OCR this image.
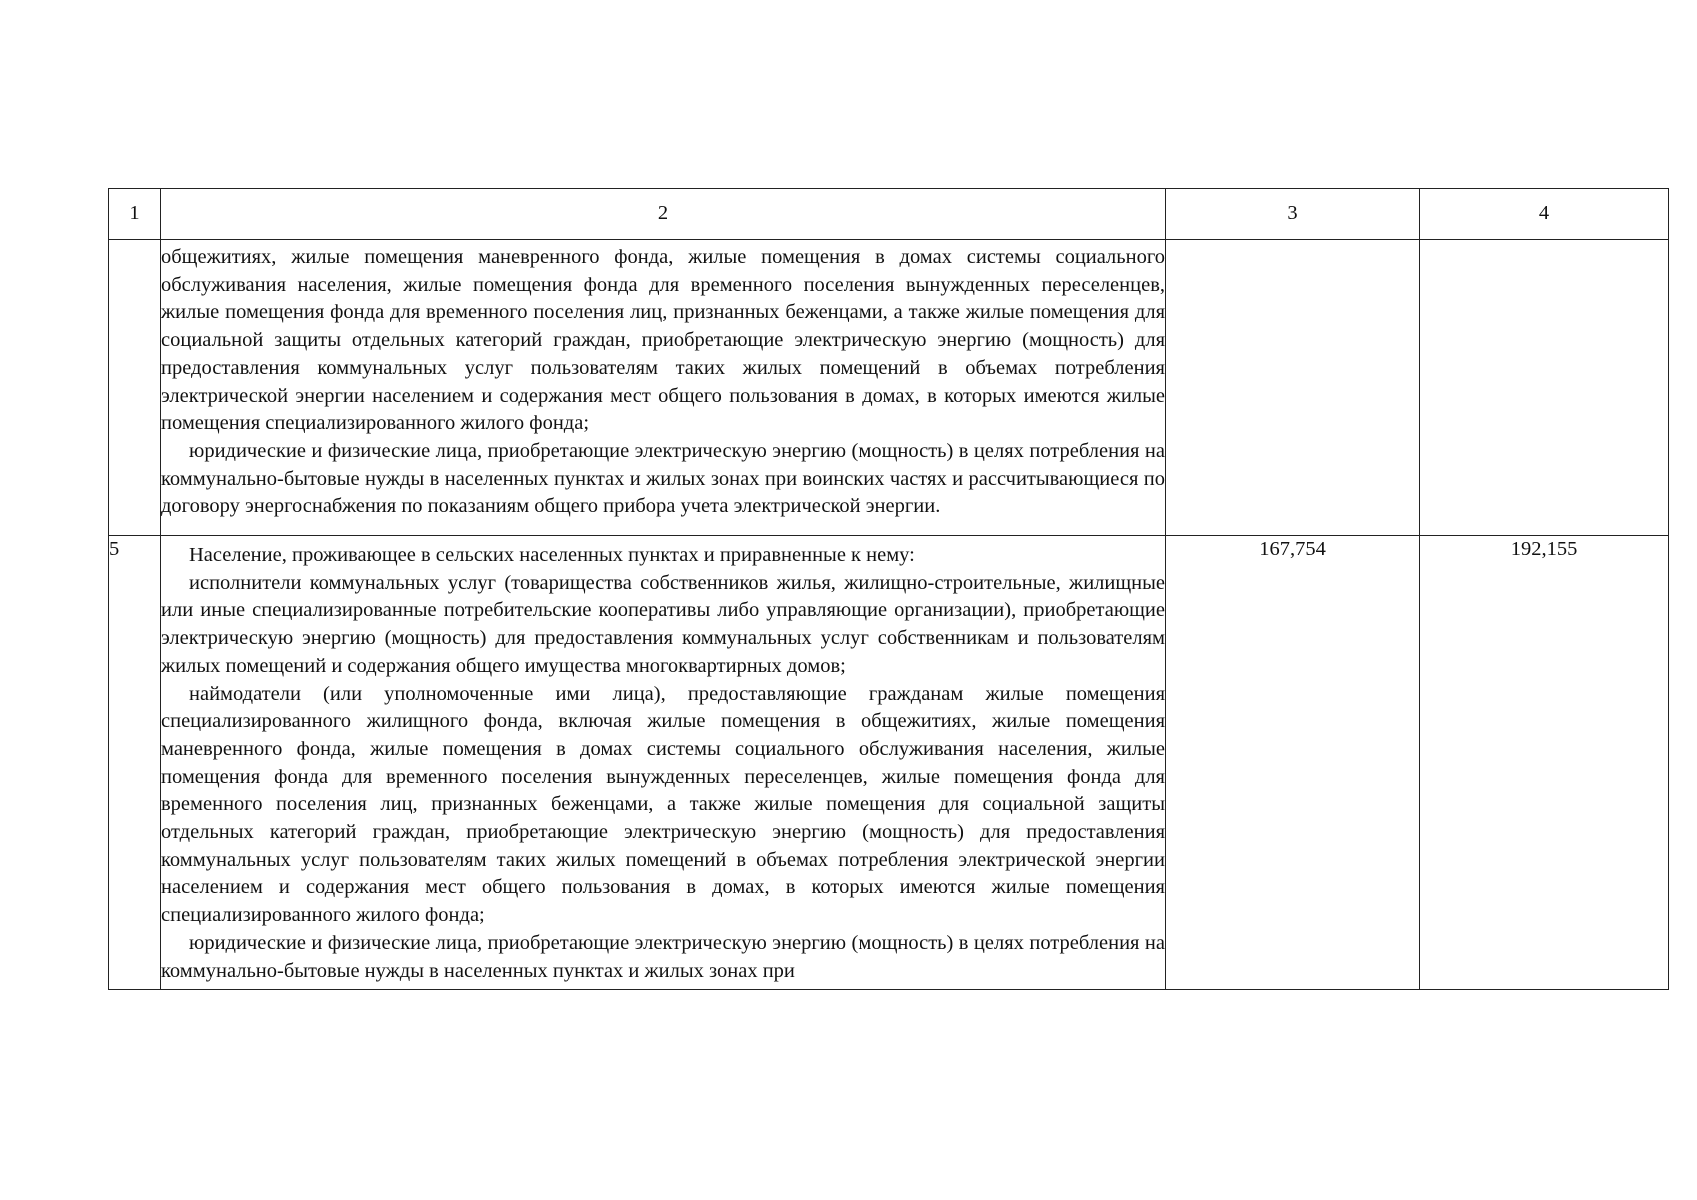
1	2	3	4

	общежитиях, жилые помещения маневренного фонда, жилые помещения в домах системы социального обслуживания населения, жилые помещения фонда для временного поселения вынужденных переселенцев, жилые помещения фонда для временного поселения лиц, признанных беженцами, а также жилые помещения для социальной защиты отдельных категорий граждан, приобретающие электрическую энергию (мощность) для предоставления коммунальных услуг пользователям таких жилых помещений в объемах потребления электрической энергии населением и содержания мест общего пользования в домах, в которых имеются жилые помещения специализированного жилого фонда;

юридические и физические лица, приобретающие электрическую энергию (мощность) в целях потребления на коммунально-бытовые нужды в населенных пунктах и жилых зонах при воинских частях и рассчитывающиеся по договору энергоснабжения по показаниям общего прибора учета электрической энергии.		

5	Население, проживающее в сельских населенных пунктах и приравненные к нему:

исполнители коммунальных услуг (товарищества собственников жилья, жилищно-строительные, жилищные или иные специализированные потребительские кооперативы либо управляющие организации), приобретающие электрическую энергию (мощность) для предоставления коммунальных услуг собственникам и пользователям жилых помещений и содержания общего имущества многоквартирных домов;

наймодатели (или уполномоченные ими лица), предоставляющие гражданам жилые помещения специализированного жилищного фонда, включая жилые помещения в общежитиях, жилые помещения маневренного фонда, жилые помещения в домах системы социального обслуживания населения, жилые помещения фонда для временного поселения вынужденных переселенцев, жилые помещения фонда для временного поселения лиц, признанных беженцами, а также жилые помещения для социальной защиты отдельных категорий граждан, приобретающие электрическую энергию (мощность) для предоставления коммунальных услуг пользователям таких жилых помещений в объемах потребления электрической энергии населением и содержания мест общего пользования в домах, в которых имеются жилые помещения специализированного жилого фонда;

юридические и физические лица, приобретающие электрическую энергию (мощность) в целях потребления на коммунально-бытовые нужды в населенных пунктах и жилых зонах при	167,754	192,155
